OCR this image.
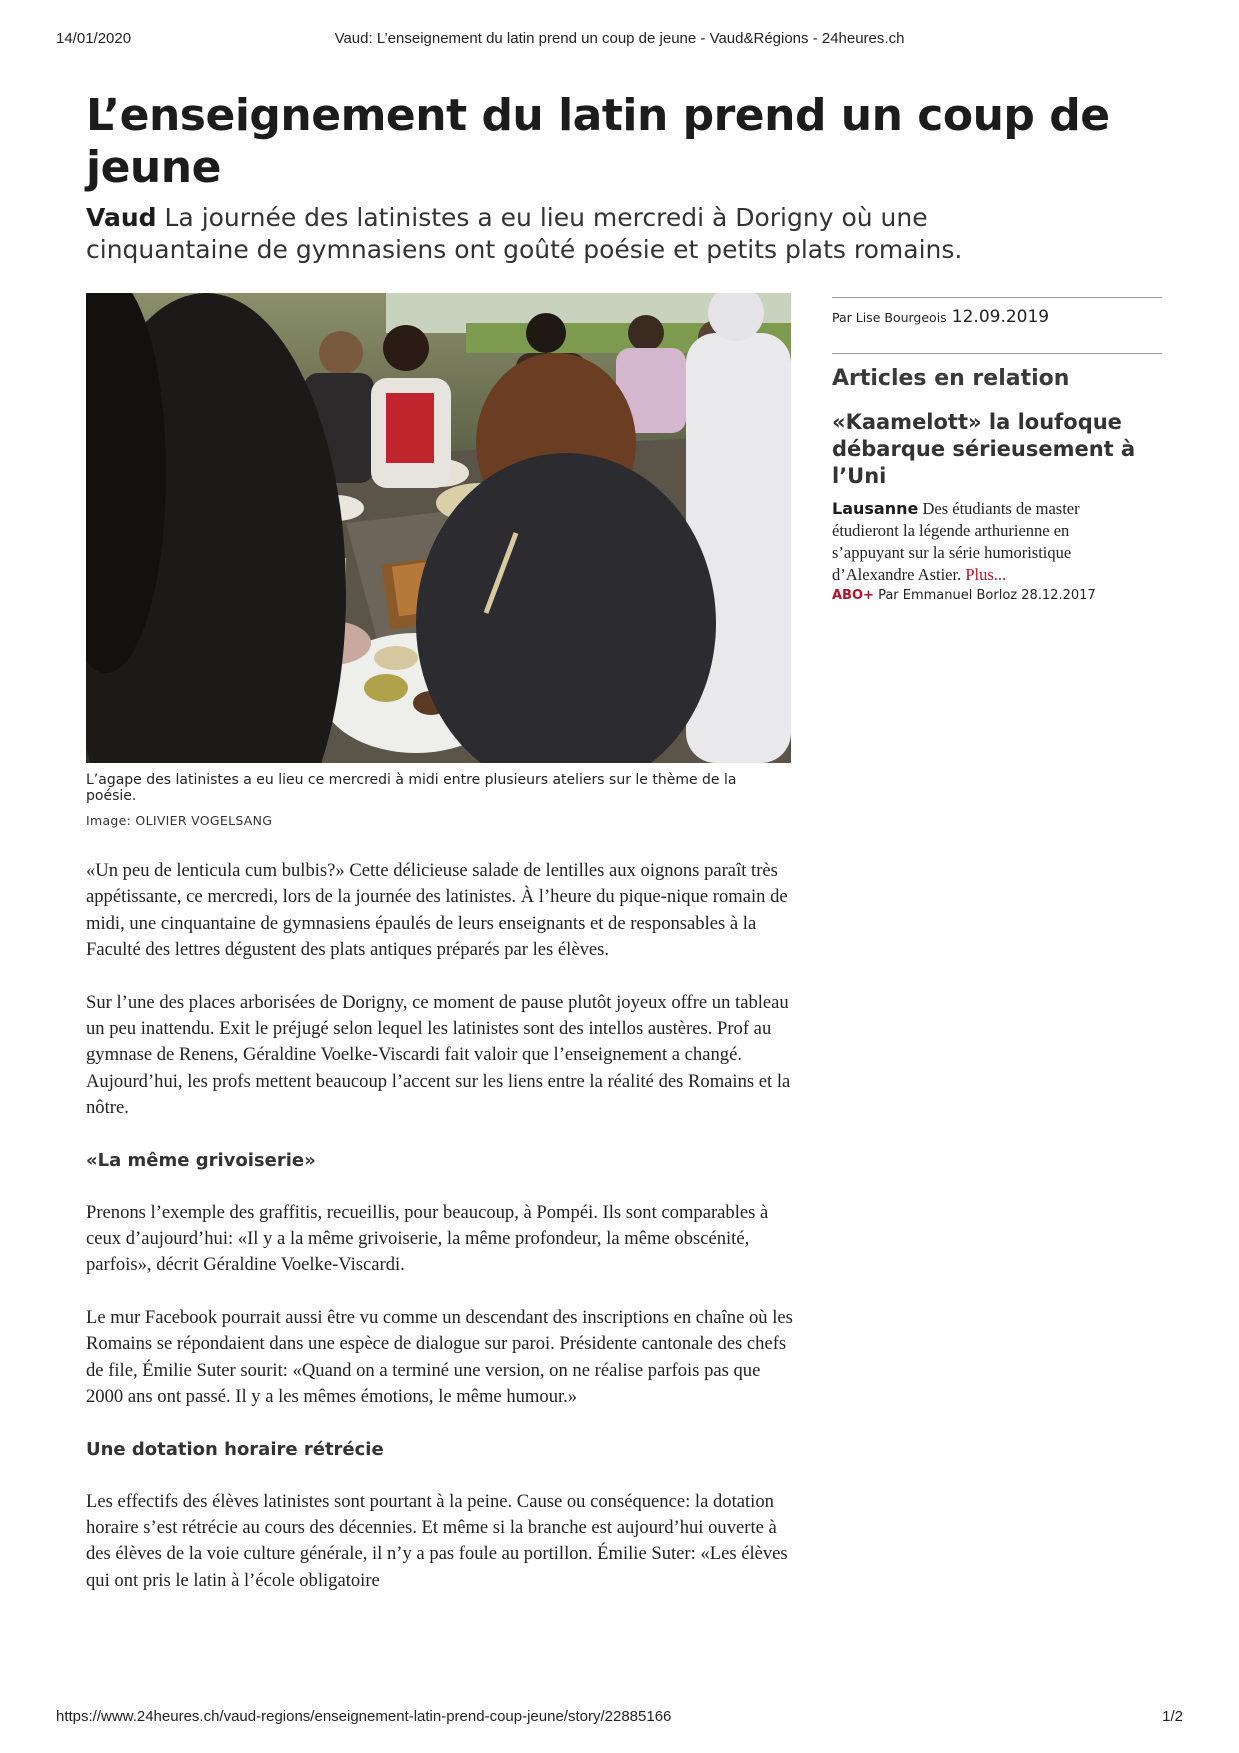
14/01/2020	Vaud: L’enseignement du latin prend un coup de jeune - Vaud&Régions - 24heures.ch
L’enseignement du latin prend un coup de jeune
Vaud La journée des latinistes a eu lieu mercredi à Dorigny où une cinquantaine de gymnasiens ont goûté poésie et petits plats romains.
L’agape des latinistes a eu lieu ce mercredi à midi entre plusieurs ateliers sur le thème de la poésie.
Image: OLIVIER VOGELSANG

«Un peu de lenticula cum bulbis?» Cette délicieuse salade de lentilles aux oignons paraît très appétissante, ce mercredi, lors de la journée des latinistes. À l’heure du pique-nique romain de midi, une cinquantaine de gymnasiens épaulés de leurs enseignants et de responsables à la Faculté des lettres dégustent des plats antiques préparés par les élèves.

Sur l’une des places arborisées de Dorigny, ce moment de pause plutôt joyeux offre un tableau un peu inattendu. Exit le préjugé selon lequel les latinistes sont des intellos austères. Prof au gymnase de Renens, Géraldine Voelke-Viscardi fait valoir que l’enseignement a changé. Aujourd’hui, les profs mettent beaucoup l’accent sur les liens entre la réalité des Romains et la nôtre.

«La même grivoiserie»

Prenons l’exemple des graffitis, recueillis, pour beaucoup, à Pompéi. Ils sont comparables à ceux d’aujourd’hui: «Il y a la même grivoiserie, la même profondeur, la même obscénité, parfois», décrit Géraldine Voelke-Viscardi.

Le mur Facebook pourrait aussi être vu comme un descendant des inscriptions en chaîne où les Romains se répondaient dans une espèce de dialogue sur paroi. Présidente cantonale des chefs de file, Émilie Suter sourit: «Quand on a terminé une version, on ne réalise parfois pas que 2000 ans ont passé. Il y a les mêmes émotions, le même humour.»

Une dotation horaire rétrécie

Les effectifs des élèves latinistes sont pourtant à la peine. Cause ou conséquence: la dotation horaire s’est rétrécie au cours des décennies. Et même si la branche est aujourd’hui ouverte à des élèves de la voie culture générale, il n’y a pas foule au portillon. Émilie Suter: «Les élèves qui ont pris le latin à l’école obligatoire

Par Lise Bourgeois 12.09.2019
Articles en relation
«Kaamelott» la loufoque débarque sérieusement à l’Uni
Lausanne Des étudiants de master étudieront la légende arthurienne en s’appuyant sur la série humoristique d’Alexandre Astier. Plus...
ABO+ Par Emmanuel Borloz 28.12.2017
https://www.24heures.ch/vaud-regions/enseignement-latin-prend-coup-jeune/story/22885166	1/2
